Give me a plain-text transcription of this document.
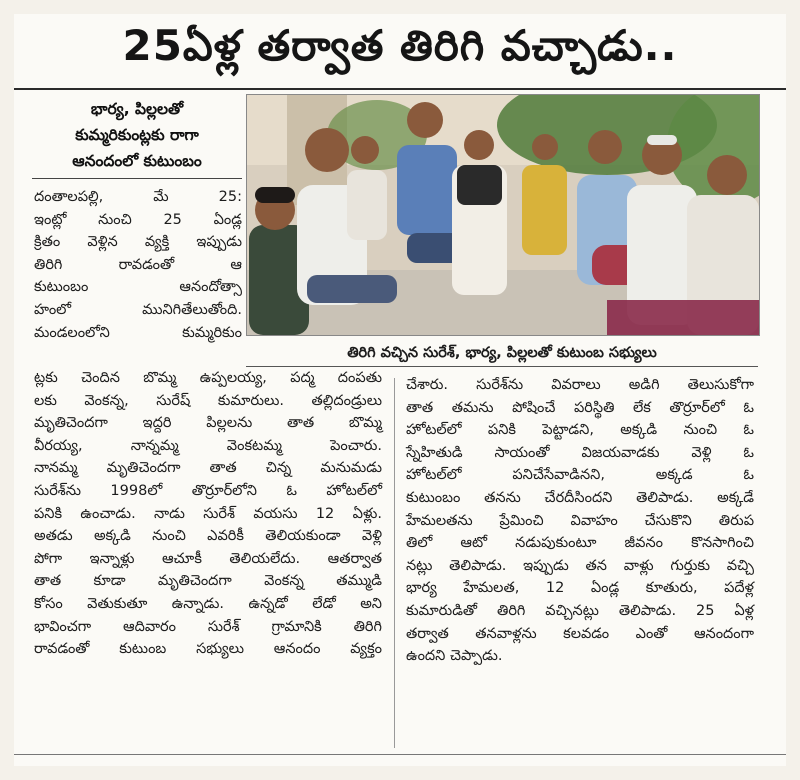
25ఏళ్ల తర్వాత తిరిగి వచ్చాడు..
భార్య, పిల్లలతో
కుమ్మరికుంట్లకు రాగా
ఆనందంలో కుటుంబం
దంతాలపల్లి, మే 25:
ఇంట్లో నుంచి 25 ఏండ్ల
క్రితం వెళ్లిన వ్యక్తి ఇప్పుడు
తిరిగి రావడంతో ఆ
కుటుంబం ఆనందోత్సా
హంలో మునిగితేలుతోంది.
మండలంలోని కుమ్మరికుం
తిరిగి వచ్చిన సురేశ్, భార్య, పిల్లలతో కుటుంబ సభ్యులు
ట్లకు చెందిన బొమ్మ ఉప్పలయ్య, పద్మ దంపతు
లకు వెంకన్న, సురేష్ కుమారులు. తల్లిదండ్రులు
మృతిచెందగా ఇద్దరి పిల్లలను తాత బొమ్మ
వీరయ్య, నాన్నమ్మ వెంకటమ్మ పెంచారు.
నానమ్మ మృతిచెందగా తాత చిన్న మనుమడు
సురేశ్‌ను 1998లో తొర్రూర్‌లోని ఓ హోటల్‌లో
పనికి ఉంచాడు. నాడు సురేశ్ వయసు 12 ఏళ్లు.
అతడు అక్కడి నుంచి ఎవరికీ తెలియకుండా వెళ్లి
పోగా ఇన్నాళ్లు ఆచూకీ తెలియలేదు. ఆతర్వాత
తాత కూడా మృతిచెందగా వెంకన్న తమ్ముడి
కోసం వెతుకుతూ ఉన్నాడు. ఉన్నడో లేడో అని
భావించగా ఆదివారం సురేశ్ గ్రామానికి తిరిగి
రావడంతో కుటుంబ సభ్యులు ఆనందం వ్యక్తం
చేశారు. సురేశ్‌ను వివరాలు అడిగి తెలుసుకోగా
తాత తమను పోషించే పరిస్థితి లేక తొర్రూర్‌లో ఓ
హోటల్‌లో పనికి పెట్టాడని, అక్కడి నుంచి ఓ
స్నేహితుడి సాయంతో విజయవాడకు వెళ్లి ఓ
హోటల్‌లో పనిచేసేవాడినని, అక్కడ ఓ
కుటుంబం తనను చేరదీసిందని తెలిపాడు. అక్కడే
హేమలతను ప్రేమించి వివాహం చేసుకొని తిరుప
తిలో ఆటో నడుపుకుంటూ జీవనం కొనసాగించి
నట్లు తెలిపాడు. ఇప్పుడు తన వాళ్లు గుర్తుకు వచ్చి
భార్య హేమలత, 12 ఏండ్ల కూతురు, పదేళ్ల
కుమారుడితో తిరిగి వచ్చినట్లు తెలిపాడు. 25 ఏళ్ల
తర్వాత తనవాళ్లను కలవడం ఎంతో ఆనందంగా
ఉందని చెప్పాడు.
